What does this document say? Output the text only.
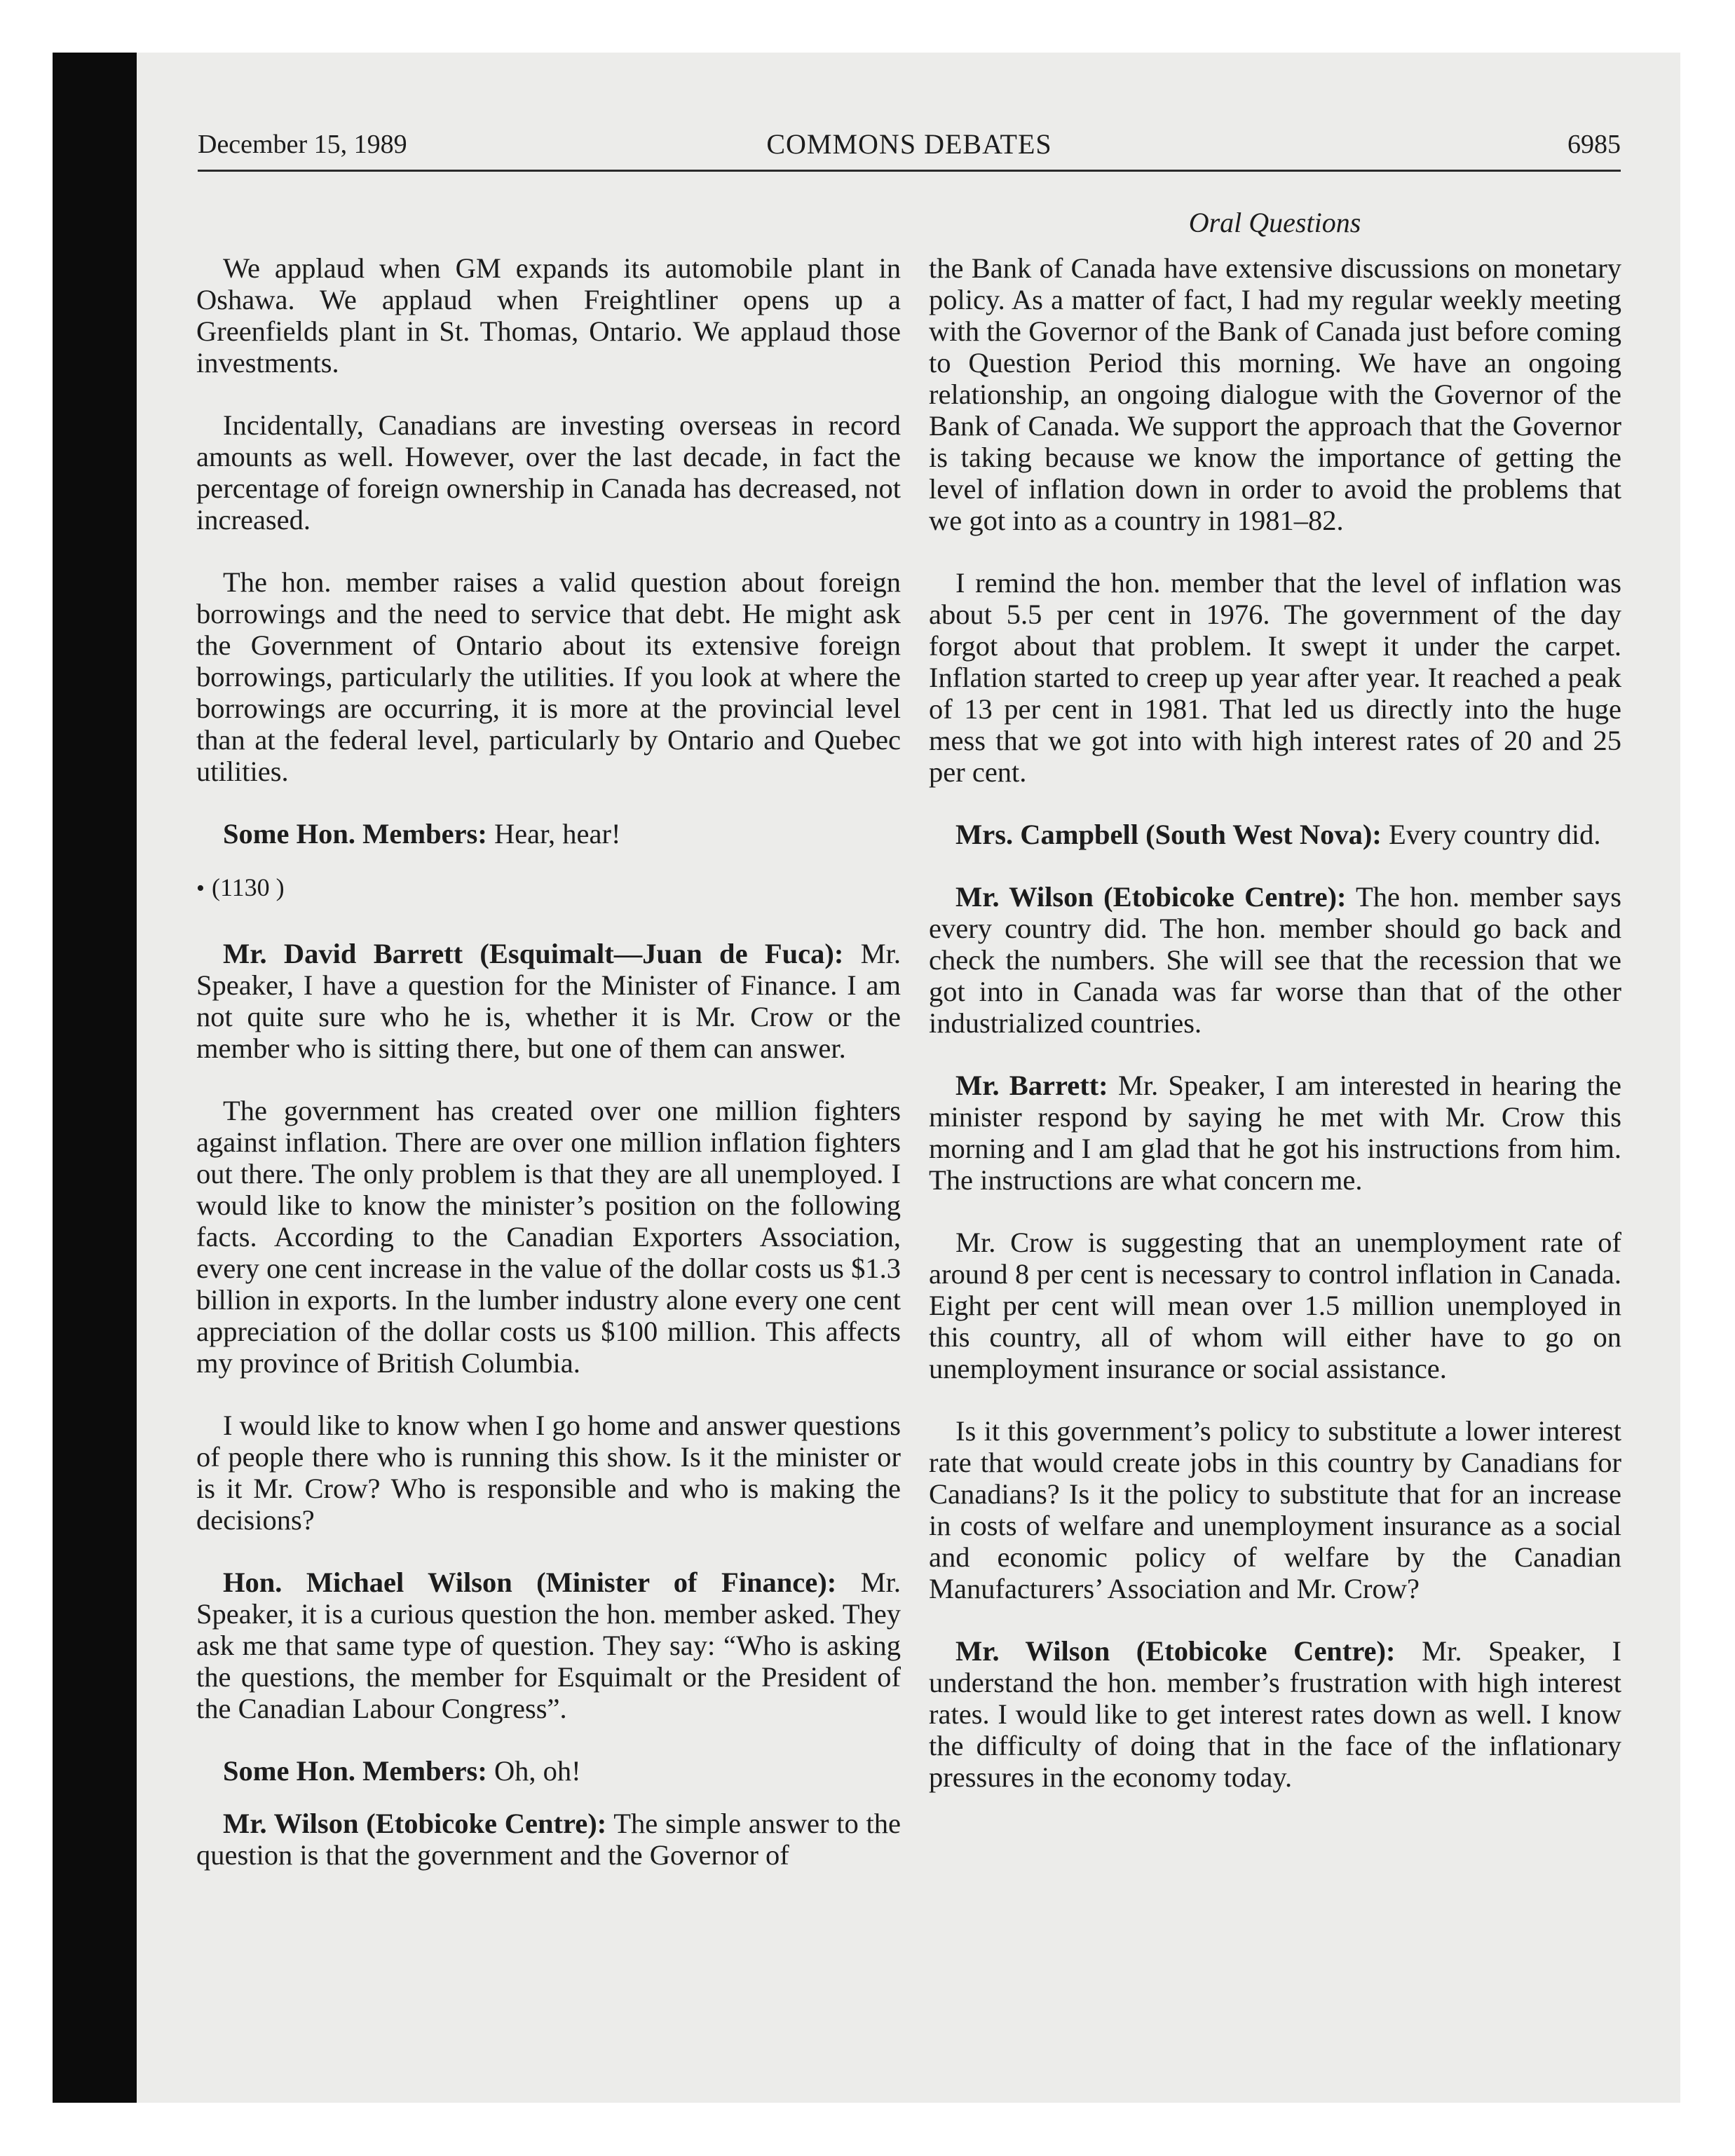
December 15, 1989	COMMONS DEBATES	6985
Oral Questions

We applaud when GM expands its automobile plant in Oshawa. We applaud when Freightliner opens up a Greenfields plant in St. Thomas, Ontario. We applaud those investments.

Incidentally, Canadians are investing overseas in record amounts as well. However, over the last decade, in fact the percentage of foreign ownership in Canada has decreased, not increased.

The hon. member raises a valid question about foreign borrowings and the need to service that debt. He might ask the Government of Ontario about its extensive foreign borrowings, particularly the utilities. If you look at where the borrowings are occurring, it is more at the provincial level than at the federal level, particularly by Ontario and Quebec utilities.

Some Hon. Members: Hear, hear!

• (1130 )

Mr. David Barrett (Esquimalt—Juan de Fuca): Mr. Speaker, I have a question for the Minister of Finance. I am not quite sure who he is, whether it is Mr. Crow or the member who is sitting there, but one of them can answer.

The government has created over one million fighters against inflation. There are over one million inflation fighters out there. The only problem is that they are all unemployed. I would like to know the minister’s position on the following facts. According to the Canadian Exporters Association, every one cent increase in the value of the dollar costs us $1.3 billion in exports. In the lumber industry alone every one cent appreciation of the dollar costs us $100 million. This affects my province of British Columbia.

I would like to know when I go home and answer questions of people there who is running this show. Is it the minister or is it Mr. Crow? Who is responsible and who is making the decisions?

Hon. Michael Wilson (Minister of Finance): Mr. Speaker, it is a curious question the hon. member asked. They ask me that same type of question. They say: “Who is asking the questions, the member for Esquimalt or the President of the Canadian Labour Congress”.

Some Hon. Members: Oh, oh!

Mr. Wilson (Etobicoke Centre): The simple answer to the question is that the government and the Governor of

the Bank of Canada have extensive discussions on monetary policy. As a matter of fact, I had my regular weekly meeting with the Governor of the Bank of Canada just before coming to Question Period this morning. We have an ongoing relationship, an ongoing dialogue with the Governor of the Bank of Canada. We support the approach that the Governor is taking because we know the importance of getting the level of inflation down in order to avoid the problems that we got into as a country in 1981–82.

I remind the hon. member that the level of inflation was about 5.5 per cent in 1976. The government of the day forgot about that problem. It swept it under the carpet. Inflation started to creep up year after year. It reached a peak of 13 per cent in 1981. That led us directly into the huge mess that we got into with high interest rates of 20 and 25 per cent.

Mrs. Campbell (South West Nova): Every country did.

Mr. Wilson (Etobicoke Centre): The hon. member says every country did. The hon. member should go back and check the numbers. She will see that the recession that we got into in Canada was far worse than that of the other industrialized countries.

Mr. Barrett: Mr. Speaker, I am interested in hearing the minister respond by saying he met with Mr. Crow this morning and I am glad that he got his instructions from him. The instructions are what concern me.

Mr. Crow is suggesting that an unemployment rate of around 8 per cent is necessary to control inflation in Canada. Eight per cent will mean over 1.5 million unemployed in this country, all of whom will either have to go on unemployment insurance or social assistance.

Is it this government’s policy to substitute a lower interest rate that would create jobs in this country by Canadians for Canadians? Is it the policy to substitute that for an increase in costs of welfare and unemployment insurance as a social and economic policy of welfare by the Canadian Manufacturers’ Association and Mr. Crow?

Mr. Wilson (Etobicoke Centre): Mr. Speaker, I understand the hon. member’s frustration with high interest rates. I would like to get interest rates down as well. I know the difficulty of doing that in the face of the inflationary pressures in the economy today.
